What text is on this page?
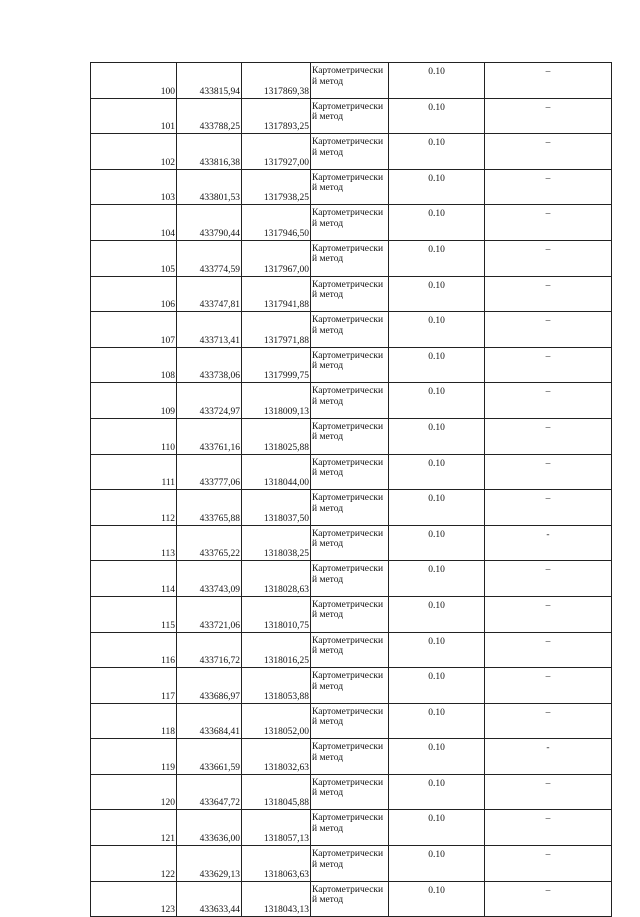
100	433815,94	1317869,38	Картометрический метод	0.10	–
101	433788,25	1317893,25	Картометрический метод	0.10	–
102	433816,38	1317927,00	Картометрический метод	0.10	–
103	433801,53	1317938,25	Картометрический метод	0.10	–
104	433790,44	1317946,50	Картометрический метод	0.10	–
105	433774,59	1317967,00	Картометрический метод	0.10	–
106	433747,81	1317941,88	Картометрический метод	0.10	–
107	433713,41	1317971,88	Картометрический метод	0.10	–
108	433738,06	1317999,75	Картометрический метод	0.10	–
109	433724,97	1318009,13	Картометрический метод	0.10	–
110	433761,16	1318025,88	Картометрический метод	0.10	–
111	433777,06	1318044,00	Картометрический метод	0.10	–
112	433765,88	1318037,50	Картометрический метод	0.10	–
113	433765,22	1318038,25	Картометрический метод	0.10	-
114	433743,09	1318028,63	Картометрический метод	0.10	–
115	433721,06	1318010,75	Картометрический метод	0.10	–
116	433716,72	1318016,25	Картометрический метод	0.10	–
117	433686,97	1318053,88	Картометрический метод	0.10	–
118	433684,41	1318052,00	Картометрический метод	0.10	–
119	433661,59	1318032,63	Картометрический метод	0.10	-
120	433647,72	1318045,88	Картометрический метод	0.10	–
121	433636,00	1318057,13	Картометрический метод	0.10	–
122	433629,13	1318063,63	Картометрический метод	0.10	–
123	433633,44	1318043,13	Картометрический метод	0.10	–
